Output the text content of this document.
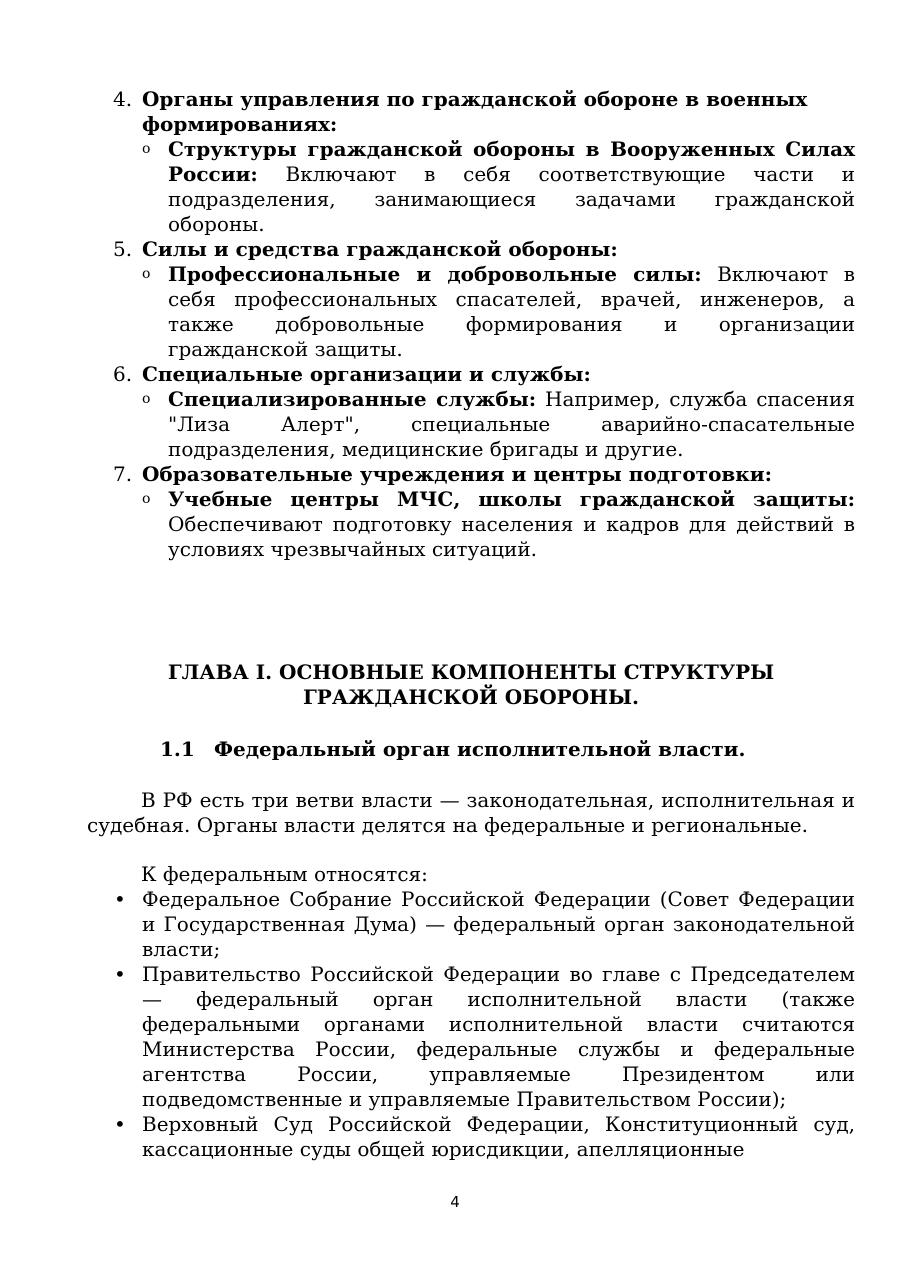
4. Органы управления по гражданской обороне в военных формированиях:
o Структуры гражданской обороны в Вооруженных Силах России: Включают в себя соответствующие части и подразделения, занимающиеся задачами гражданской обороны.
5. Силы и средства гражданской обороны:
o Профессиональные и добровольные силы: Включают в себя профессиональных спасателей, врачей, инженеров, а также добровольные формирования и организации гражданской защиты.
6. Специальные организации и службы:
o Специализированные службы: Например, служба спасения "Лиза Алерт", специальные аварийно-спасательные подразделения, медицинские бригады и другие.
7. Образовательные учреждения и центры подготовки:
o Учебные центры МЧС, школы гражданской защиты: Обеспечивают подготовку населения и кадров для действий в условиях чрезвычайных ситуаций.
ГЛАВА I. ОСНОВНЫЕ КОМПОНЕНТЫ СТРУКТУРЫ
ГРАЖДАНСКОЙ ОБОРОНЫ.
1.1 Федеральный орган исполнительной власти.
В РФ есть три ветви власти — законодательная, исполнительная и судебная. Органы власти делятся на федеральные и региональные.
К федеральным относятся:
• Федеральное Собрание Российской Федерации (Совет Федерации и Государственная Дума) — федеральный орган законодательной власти;
• Правительство Российской Федерации во главе с Председателем — федеральный орган исполнительной власти (также федеральными органами исполнительной власти считаются Министерства России, федеральные службы и федеральные агентства России, управляемые Президентом или подведомственные и управляемые Правительством России);
• Верховный Суд Российской Федерации, Конституционный суд, кассационные суды общей юрисдикции, апелляционные
4
